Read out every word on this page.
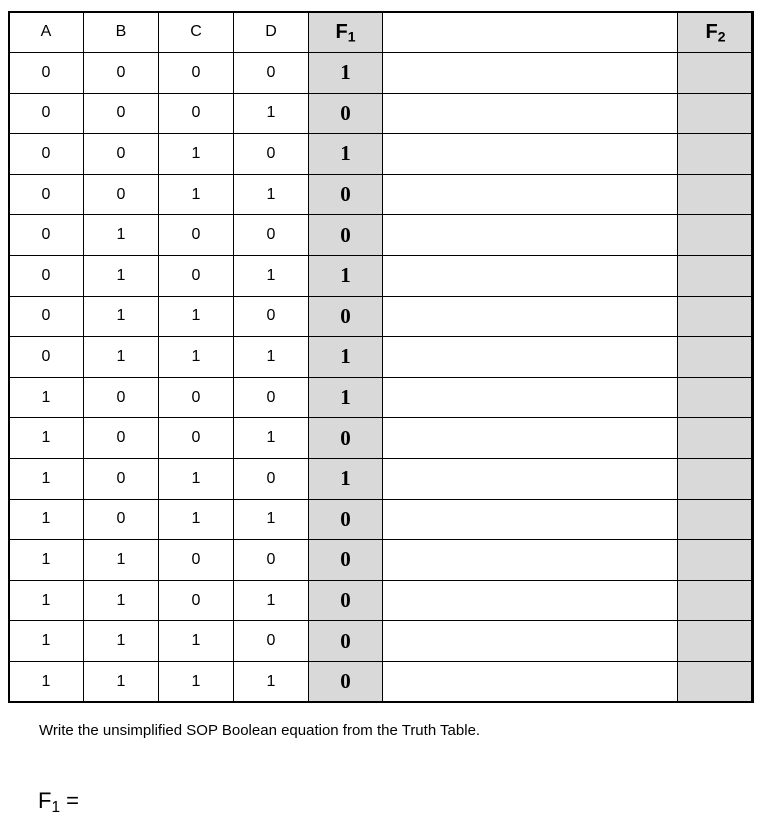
A	B	C	D	$F_1$		$F_2$
0	0	0	0	1		
0	0	0	1	0		
0	0	1	0	1		
0	0	1	1	0		
0	1	0	0	0		
0	1	0	1	1		
0	1	1	0	0		
0	1	1	1	1		
1	0	0	0	1		
1	0	0	1	0		
1	0	1	0	1		
1	0	1	1	0		
1	1	0	0	0		
1	1	0	1	0		
1	1	1	0	0		
1	1	1	1	0		
Write the unsimplified SOP Boolean equation from the Truth Table.
$F_1$ =
